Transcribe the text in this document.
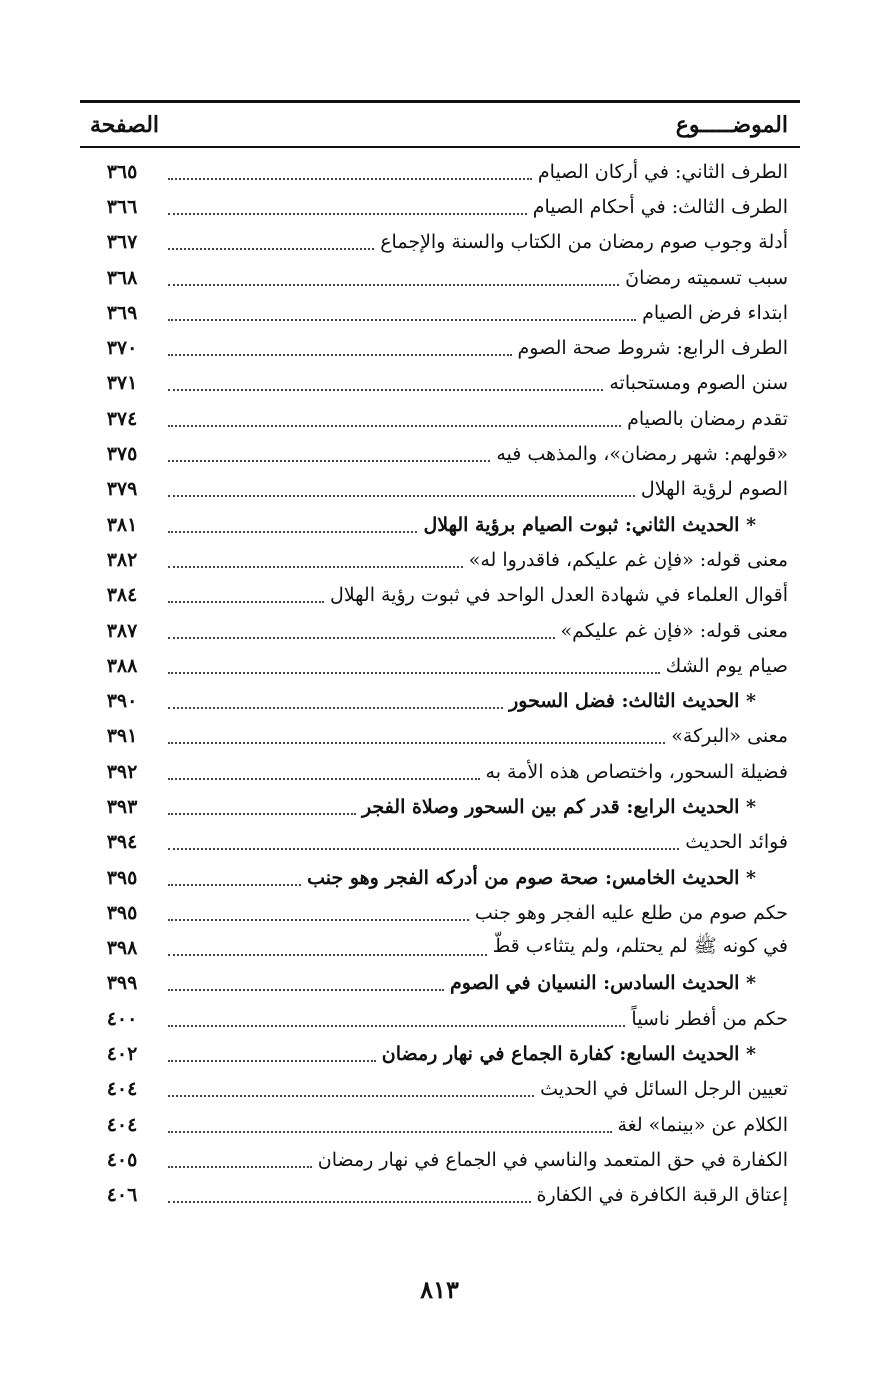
الموضـــــوع
الصفحة
الطرف الثاني: في أركان الصيام
٣٦٥
الطرف الثالث: في أحكام الصيام
٣٦٦
أدلة وجوب صوم رمضان من الكتاب والسنة والإجماع
٣٦٧
سبب تسميته رمضانَ
٣٦٨
ابتداء فرض الصيام
٣٦٩
الطرف الرابع: شروط صحة الصوم
٣٧٠
سنن الصوم ومستحباته
٣٧١
تقدم رمضان بالصيام
٣٧٤
«قولهم: شهر رمضان»، والمذهب فيه
٣٧٥
الصوم لرؤية الهلال
٣٧٩
* الحديث الثاني: ثبوت الصيام برؤية الهلال
٣٨١
معنى قوله: «فإن غم عليكم، فاقدروا له»
٣٨٢
أقوال العلماء في شهادة العدل الواحد في ثبوت رؤية الهلال
٣٨٤
معنى قوله: «فإن غم عليكم»
٣٨٧
صيام يوم الشك
٣٨٨
* الحديث الثالث: فضل السحور
٣٩٠
معنى «البركة»
٣٩١
فضيلة السحور، واختصاص هذه الأمة به
٣٩٢
* الحديث الرابع: قدر كم بين السحور وصلاة الفجر
٣٩٣
فوائد الحديث
٣٩٤
* الحديث الخامس: صحة صوم من أدركه الفجر وهو جنب
٣٩٥
حكم صوم من طلع عليه الفجر وهو جنب
٣٩٥
في كونه ﷺ لم يحتلم، ولم يتثاءب قطّ
٣٩٨
* الحديث السادس: النسيان في الصوم
٣٩٩
حكم من أفطر ناسياً
٤٠٠
* الحديث السابع: كفارة الجماع في نهار رمضان
٤٠٢
تعيين الرجل السائل في الحديث
٤٠٤
الكلام عن «بينما» لغة
٤٠٤
الكفارة في حق المتعمد والناسي في الجماع في نهار رمضان
٤٠٥
إعتاق الرقبة الكافرة في الكفارة
٤٠٦
٨١٣
